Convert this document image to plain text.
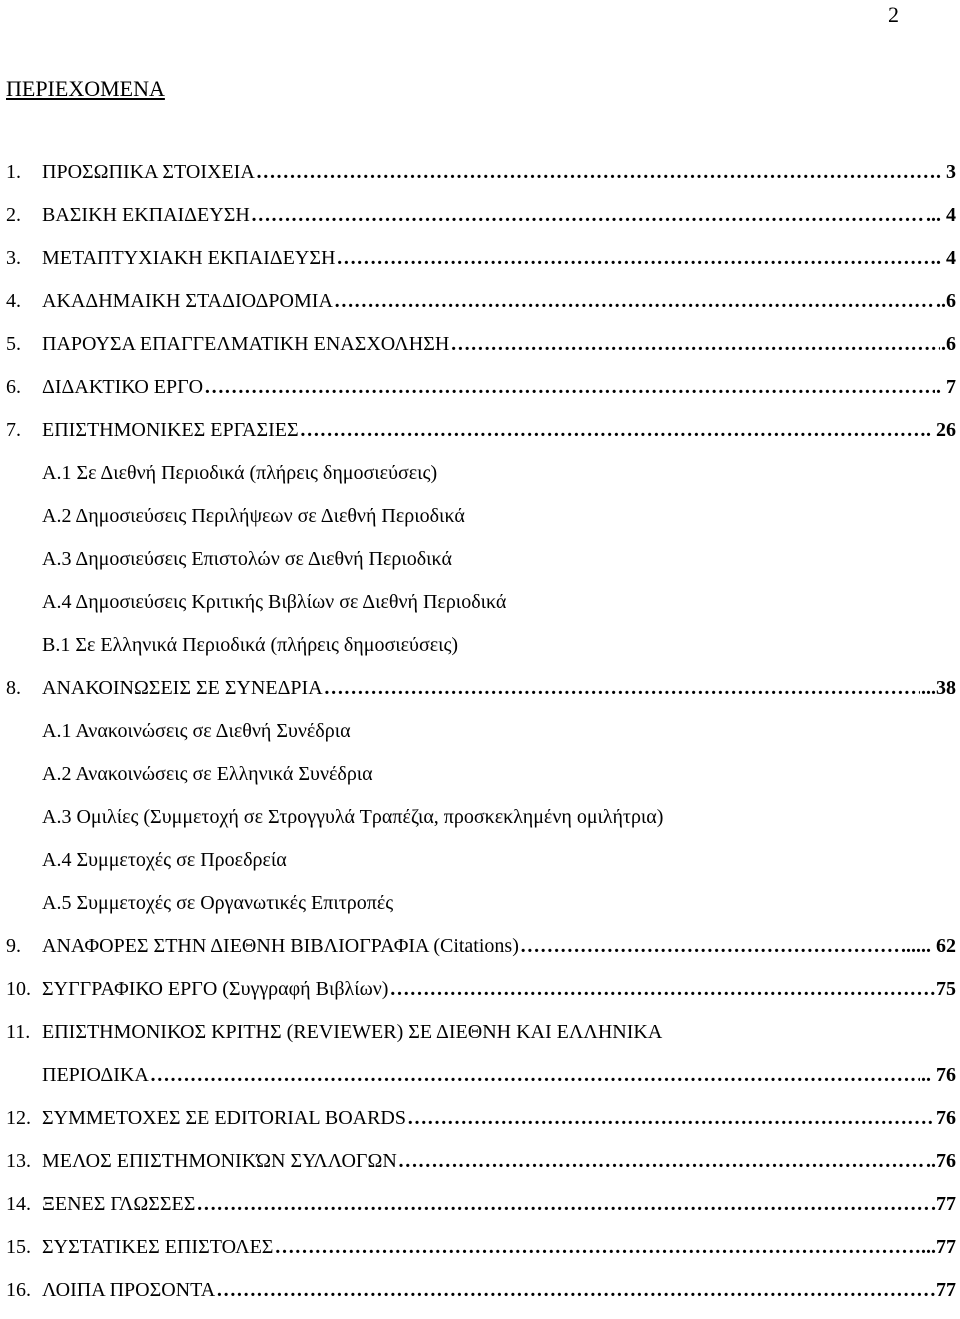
2
ΠΕΡΙΕΧΟΜΕΝΑ
1.	ΠΡΟΣΩΠΙΚΑ ΣΤΟΙΧΕΙΑ ……………………………………………………………………………………………………………………………………………………………………	. 3
2.	ΒΑΣΙΚΗ ΕΚΠΑΙΔΕΥΣΗ ……………………………………………………………………………………………………………………………………………………………………	... 4
3.	ΜΕΤΑΠΤΥΧΙΑΚΗ ΕΚΠΑΙΔΕΥΣΗ ……………………………………………………………………………………………………………………………………………………………………	. 4
4.	ΑΚΑΔΗΜΑΙΚΗ ΣΤΑΔΙΟΔΡΟΜΙΑ ……………………………………………………………………………………………………………………………………………………………………	..6
5.	ΠΑΡΟΥΣΑ ΕΠΑΓΓΕΛΜΑΤΙΚΗ ΕΝΑΣΧΟΛΗΣΗ ……………………………………………………………………………………………………………………………………………………………………	.6
6.	ΔΙΔΑΚΤΙΚΟ ΕΡΓΟ ……………………………………………………………………………………………………………………………………………………………………	. 7
7.	ΕΠΙΣΤΗΜΟΝΙΚΕΣ ΕΡΓΑΣΙΕΣ ……………………………………………………………………………………………………………………………………………………………………	. 26
Α.1 Σε Διεθνή Περιοδικά (πλήρεις δημοσιεύσεις)
Α.2 Δημοσιεύσεις Περιλήψεων σε Διεθνή Περιοδικά
Α.3 Δημοσιεύσεις Επιστολών σε Διεθνή Περιοδικά
Α.4 Δημοσιεύσεις Κριτικής Βιβλίων σε Διεθνή Περιοδικά
Β.1 Σε Ελληνικά Περιοδικά (πλήρεις δημοσιεύσεις)
8.	ΑΝΑΚΟΙΝΩΣΕΙΣ ΣΕ ΣΥΝΕΔΡΙΑ ……………………………………………………………………………………………………………………………………………………………………	...38
Α.1 Ανακοινώσεις σε Διεθνή Συνέδρια
Α.2 Ανακοινώσεις σε Ελληνικά Συνέδρια
Α.3 Ομιλίες (Συμμετοχή σε Στρογγυλά Τραπέζια, προσκεκλημένη ομιλήτρια)
Α.4 Συμμετοχές σε Προεδρεία
Α.5 Συμμετοχές σε Οργανωτικές Επιτροπές
9.	ΑΝΑΦΟΡΕΣ ΣΤΗΝ ΔΙΕΘΝΗ ΒΙΒΛΙΟΓΡΑΦΙΑ (Citations) ……………………………………………………………………………………………………………………………………………………………………	...... 62
10. ΣΥΓΓΡΑΦΙΚΟ ΕΡΓΟ (Συγγραφή Βιβλίων) ……………………………………………………………………………………………………………………………………………………………………	75
11. ΕΠΙΣΤΗΜΟΝΙΚΟΣ ΚΡΙΤΗΣ (REVIEWER) ΣΕ ΔΙΕΘΝΗ ΚΑΙ ΕΛΛΗΝΙΚΑ
ΠΕΡΙΟΔΙΚΑ ……………………………………………………………………………………………………………………………………………………………………	.. 76
12. ΣΥΜΜΕΤΟΧΕΣ ΣΕ EDITORIAL BOARDS ……………………………………………………………………………………………………………………………………………………………………	76
13. ΜΕΛΟΣ ΕΠΙΣΤΗΜΟΝΙΚΏΝ ΣΥΛΛΟΓΩΝ ……………………………………………………………………………………………………………………………………………………………………	..76
14. ΞΕΝΕΣ ΓΛΩΣΣΕΣ ……………………………………………………………………………………………………………………………………………………………………	.77
15. ΣΥΣΤΑΤΙΚΕΣ ΕΠΙΣΤΟΛΕΣ ……………………………………………………………………………………………………………………………………………………………………	...77
16. ΛΟΙΠΑ ΠΡΟΣΟΝΤΑ ……………………………………………………………………………………………………………………………………………………………………	77
